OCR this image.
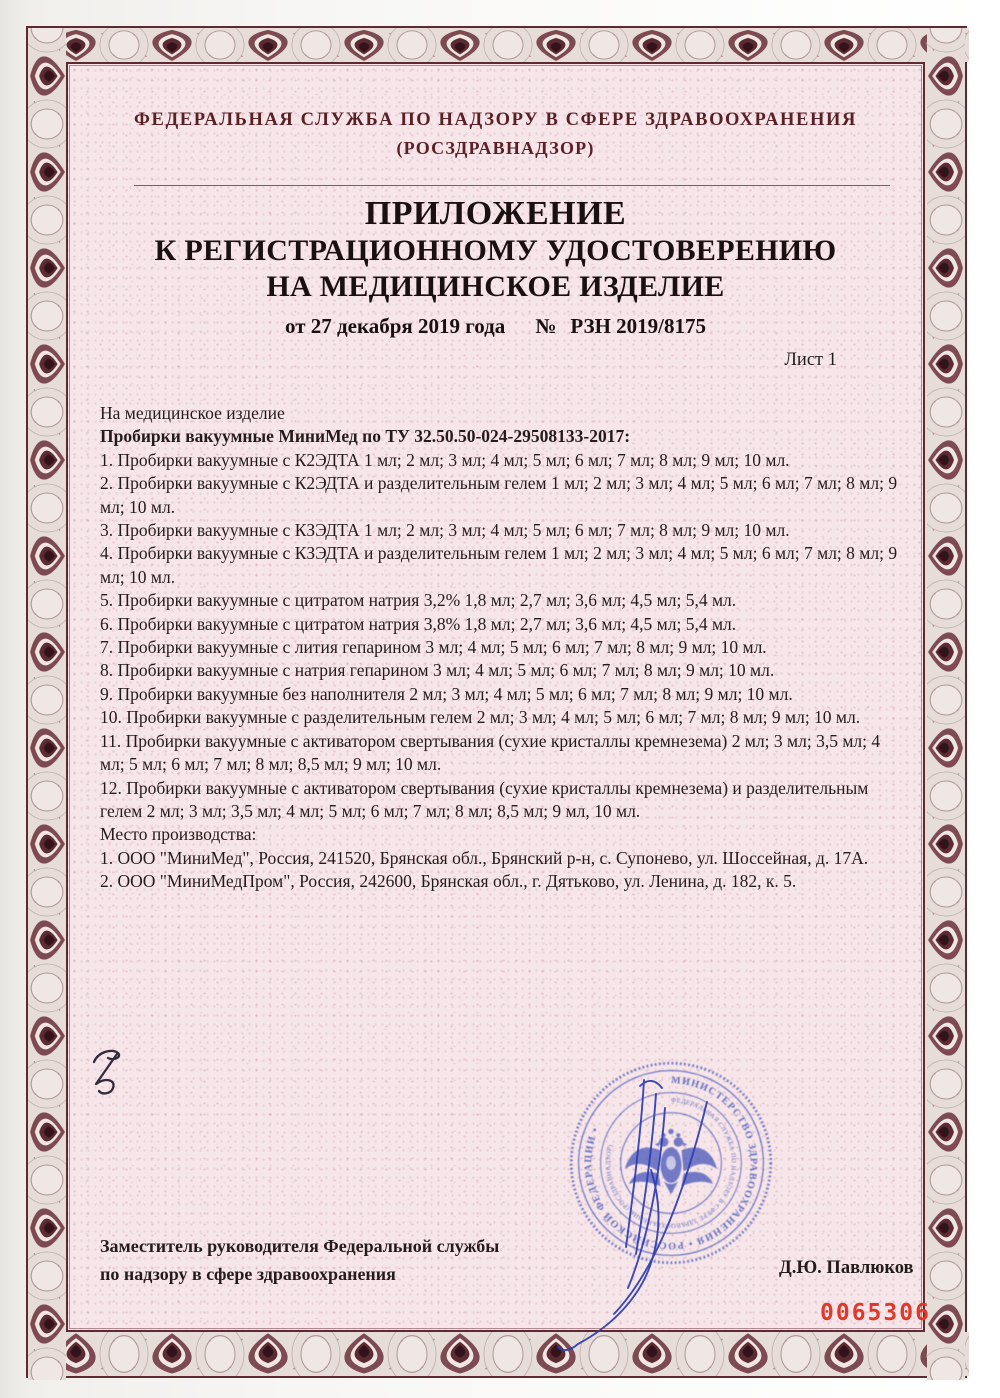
ФЕДЕРАЛЬНАЯ СЛУЖБА ПО НАДЗОРУ В СФЕРЕ ЗДРАВООХРАНЕНИЯ
(РОСЗДРАВНАДЗОР)
ПРИЛОЖЕНИЕ
К РЕГИСТРАЦИОННОМУ УДОСТОВЕРЕНИЮ
НА МЕДИЦИНСКОЕ ИЗДЕЛИЕ
от 27 декабря 2019 года № РЗН 2019/8175
Лист 1

На медицинское изделие

Пробирки вакуумные МиниМед по ТУ 32.50.50-024-29508133-2017:

1. Пробирки вакуумные с К2ЭДТА 1 мл; 2 мл; 3 мл; 4 мл; 5 мл; 6 мл; 7 мл; 8 мл; 9 мл; 10 мл.

2. Пробирки вакуумные с К2ЭДТА и разделительным гелем 1 мл; 2 мл; 3 мл; 4 мл; 5 мл; 6 мл; 7 мл; 8 мл; 9 мл; 10 мл.

3. Пробирки вакуумные с КЗЭДТА 1 мл; 2 мл; 3 мл; 4 мл; 5 мл; 6 мл; 7 мл; 8 мл; 9 мл; 10 мл.

4. Пробирки вакуумные с КЗЭДТА и разделительным гелем 1 мл; 2 мл; 3 мл; 4 мл; 5 мл; 6 мл; 7 мл; 8 мл; 9 мл; 10 мл.

5. Пробирки вакуумные с цитратом натрия 3,2% 1,8 мл; 2,7 мл; 3,6 мл; 4,5 мл; 5,4 мл.

6. Пробирки вакуумные с цитратом натрия 3,8% 1,8 мл; 2,7 мл; 3,6 мл; 4,5 мл; 5,4 мл.

7. Пробирки вакуумные с лития гепарином 3 мл; 4 мл; 5 мл; 6 мл; 7 мл; 8 мл; 9 мл; 10 мл.

8. Пробирки вакуумные с натрия гепарином 3 мл; 4 мл; 5 мл; 6 мл; 7 мл; 8 мл; 9 мл; 10 мл.

9. Пробирки вакуумные без наполнителя 2 мл; 3 мл; 4 мл; 5 мл; 6 мл; 7 мл; 8 мл; 9 мл; 10 мл.

10. Пробирки вакуумные с разделительным гелем 2 мл; 3 мл; 4 мл; 5 мл; 6 мл; 7 мл; 8 мл; 9 мл; 10 мл.

11. Пробирки вакуумные с активатором свертывания (сухие кристаллы кремнезема) 2 мл; 3 мл; 3,5 мл; 4 мл; 5 мл; 6 мл; 7 мл; 8 мл; 8,5 мл; 9 мл; 10 мл.

12. Пробирки вакуумные с активатором свертывания (сухие кристаллы кремнезема) и разделительным гелем 2 мл; 3 мл; 3,5 мл; 4 мл; 5 мл; 6 мл; 7 мл; 8 мл; 8,5 мл; 9 мл, 10 мл.

Место производства:

1. ООО "МиниМед", Россия, 241520, Брянская обл., Брянский р-н, с. Супонево, ул. Шоссейная, д. 17А.

2. ООО "МиниМедПром", Россия, 242600, Брянская обл., г. Дятьково, ул. Ленина, д. 182, к. 5.

МИНИСТЕРСТВО ЗДРАВООХРАНЕНИЯ • РОССИЙСКОЙ ФЕДЕРАЦИИ •
ФЕДЕРАЛЬНАЯ СЛУЖБА ПО НАДЗОРУ В СФЕРЕ ЗДРАВООХРАНЕНИЯ (РОСЗДРАВНАДЗОР)
Заместитель руководителя Федеральной службы
по надзору в сфере здравоохранения	Д.Ю. Павлюков
0065306
